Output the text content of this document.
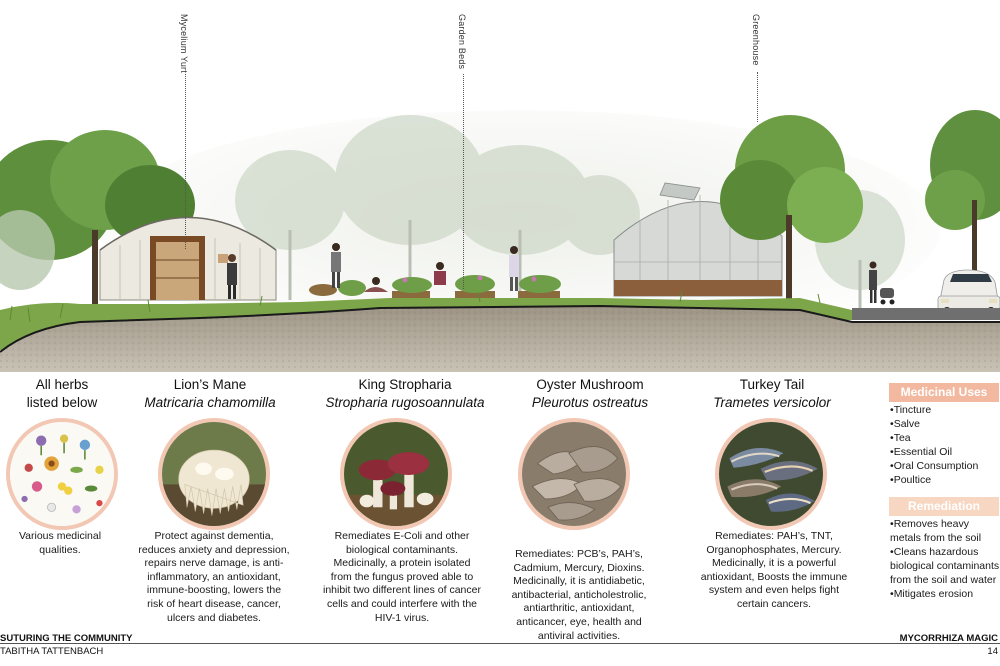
Mycelium Yurt	Garden Beds	Greenhouse
All herbs
listed below
Various medicinal qualities.
Lion’s Mane
Matricaria chamomilla
Protect against dementia, reduces anxiety and depression, repairs nerve damage, is anti-inflammatory, an antioxidant, immune-boosting, lowers the risk of heart disease, cancer, ulcers and diabetes.
King Stropharia
Stropharia rugosoannulata
Remediates E-Coli and other biological contaminants. Medicinally, a protein isolated from the fungus proved able to inhibit two different lines of cancer cells and could interfere with the HIV-1 virus.
Oyster Mushroom
Pleurotus ostreatus
Remediates: PCB’s, PAH’s, Cadmium, Mercury, Dioxins. Medicinally, it is antidiabetic, antibacterial, anticholestrolic, antiarthritic, antioxidant, anticancer, eye, health and antiviral activities.
Turkey Tail
Trametes versicolor
Remediates: PAH’s, TNT, Organophosphates, Mercury. Medicinally, it is a powerful antioxidant, Boosts the immune system and even helps fight certain cancers.
Medicinal Uses
• Tincture
• Salve
• Tea
• Essential Oil
• Oral Consumption
• Poultice
Remediation
• Removes heavy metals from the soil
• Cleans hazardous biological contaminants from the soil and water
• Mitigates erosion
SUTURING THE COMMUNITY
TABITHA TATTENBACH
MYCORRHIZA MAGIC
14
